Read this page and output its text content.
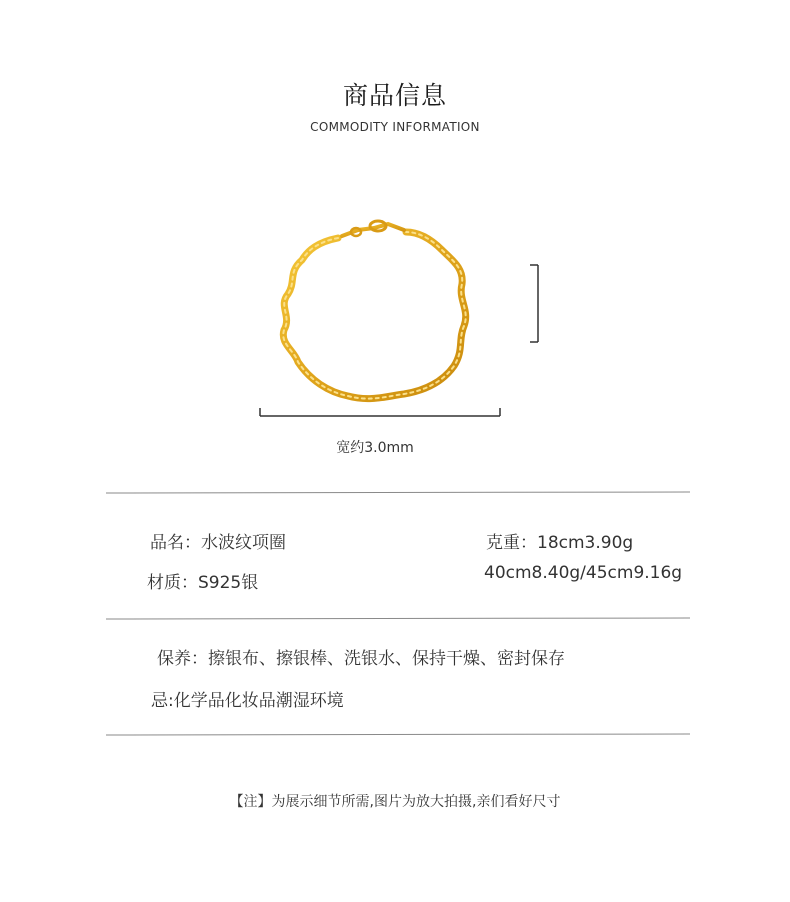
商品信息
COMMODITY INFORMATION
宽约3.0mm
品名：水波纹项圈	克重：18cm3.90g
材质：S925银	40cm8.40g/45cm9.16g
保养：擦银布、擦银棒、洗银水、保持干燥、密封保存
忌:化学品化妆品潮湿环境
【注】为展示细节所需,图片为放大拍摄,亲们看好尺寸
